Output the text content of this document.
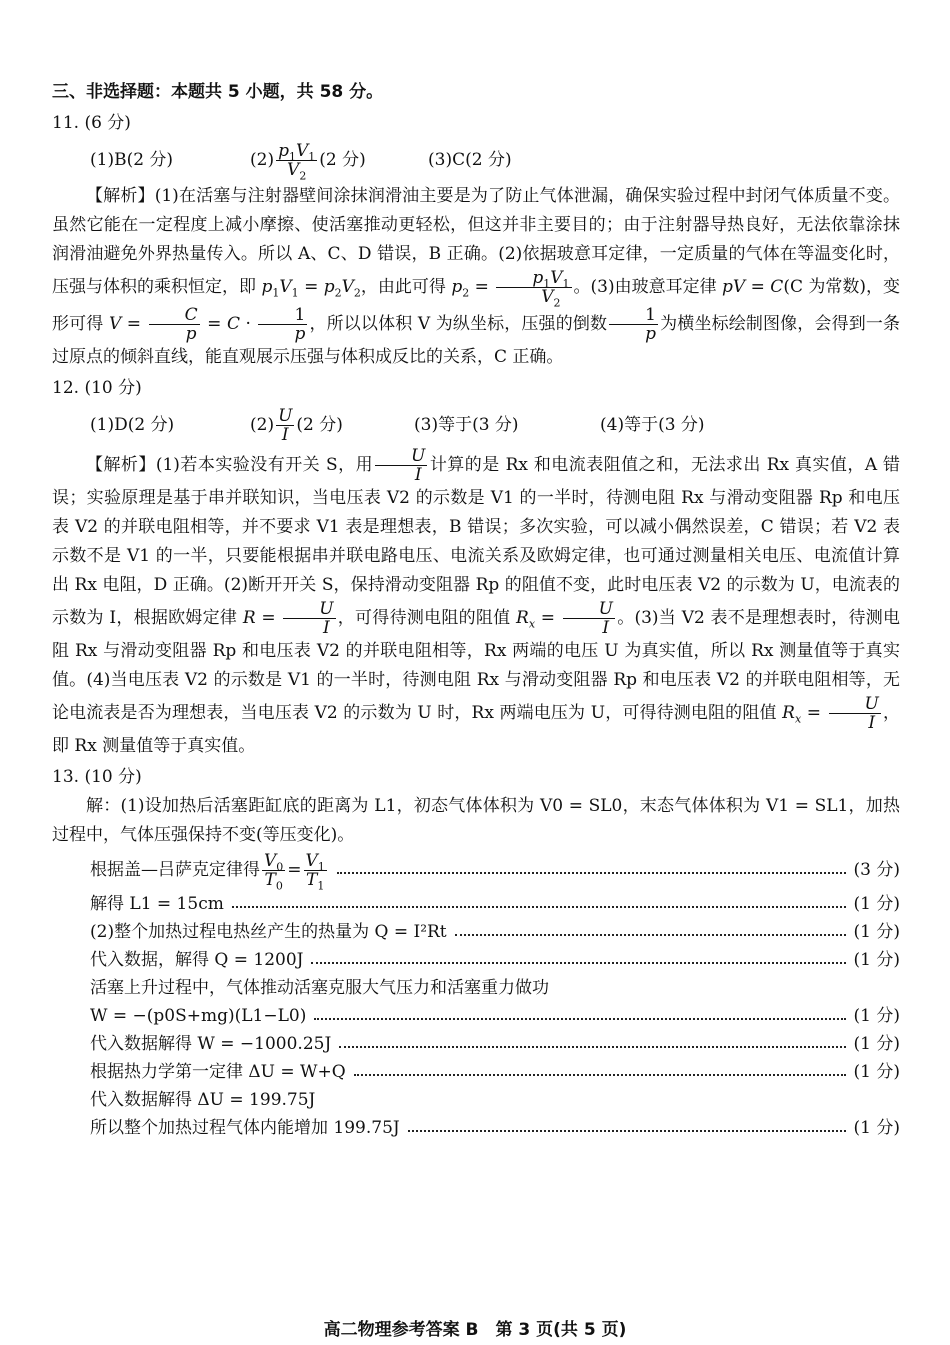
三、非选择题：本题共 5 小题，共 58 分。
11. (6 分)
(1)B(2 分)	$(2) \frac{p_1V_1}{V_2} (2$ 分)	(3)C(2 分)
【解析】(1)在活塞与注射器壁间涂抹润滑油主要是为了防止气体泄漏，确保实验过程中封闭气体质量不变。虽然它能在一定程度上减小摩擦、使活塞推动更轻松，但这并非主要目的；由于注射器导热良好，无法依靠涂抹润滑油避免外界热量传入。所以 A、C、D 错误，B 正确。(2)依据玻意耳定律，一定质量的气体在等温变化时，压强与体积的乘积恒定，即 $p_1V_1 = p_2V_2$，由此可得 $p_2 = \frac{p_1V_1}{V_2}$ 。(3)由玻意耳定律 pV = C(C 为常数)，变形可得 $V = \frac{C}{p} = C \cdot \frac{1}{p}$ ，所以以体积 V 为纵坐标，压强的倒数 $\frac{1}{p}$ 为横坐标绘制图像，会得到一条过原点的倾斜直线，能直观展示压强与体积成反比的关系，C 正确。
12. (10 分)
(1)D(2 分)	$(2) \frac{U}{I} (2$ 分)	(3)等于(3 分)	(4)等于(3 分)
【解析】(1)若本实验没有开关 S，用 $\frac{U}{I}$ 计算的是 Rx 和电流表阻值之和，无法求出 Rx 真实值，A 错误；实验原理是基于串并联知识，当电压表 V2 的示数是 V1 的一半时，待测电阻 Rx 与滑动变阻器 Rp 和电压表 V2 的并联电阻相等，并不要求 V1 表是理想表，B 错误；多次实验，可以减小偶然误差，C 错误；若 V2 表示数不是 V1 的一半，只要能根据串并联电路电压、电流关系及欧姆定律，也可通过测量相关电压、电流值计算出 Rx 电阻，D 正确。(2)断开开关 S，保持滑动变阻器 Rp 的阻值不变，此时电压表 V2 的示数为 U，电流表的示数为 I，根据欧姆定律 $R = \frac{U}{I}$ ，可得待测电阻的阻值 $R_x = \frac{U}{I}$ 。(3)当 V2 表不是理想表时，待测电阻 Rx 与滑动变阻器 Rp 和电压表 V2 的并联电阻相等，Rx 两端的电压 U 为真实值，所以 Rx 测量值等于真实值。(4)当电压表 V2 的示数是 V1 的一半时，待测电阻 Rx 与滑动变阻器 Rp 和电压表 V2 的并联电阻相等，无论电流表是否为理想表，当电压表 V2 的示数为 U 时，Rx 两端电压为 U，可得待测电阻的阻值 $R_x = \frac{U}{I}$ ，即 Rx 测量值等于真实值。
13. (10 分)
解：(1)设加热后活塞距缸底的距离为 L1，初态气体体积为 V0 = SL0，末态气体体积为 V1 = SL1，加热过程中，气体压强保持不变(等压变化)。
根据盖—吕萨克定律得 $\frac{V_0}{T_0} = \frac{V_1}{T_1}$	(3 分)
解得 L1 = 15cm	(1 分)
(2)整个加热过程电热丝产生的热量为 Q = I²Rt	(1 分)
代入数据，解得 Q = 1200J	(1 分)
活塞上升过程中，气体推动活塞克服大气压力和活塞重力做功
W = −(p0S+mg)(L1−L0)	(1 分)
代入数据解得 W = −1000.25J	(1 分)
根据热力学第一定律 ΔU = W+Q	(1 分)
代入数据解得 ΔU = 199.75J
所以整个加热过程气体内能增加 199.75J	(1 分)
高二物理参考答案 B　第 3 页(共 5 页)
